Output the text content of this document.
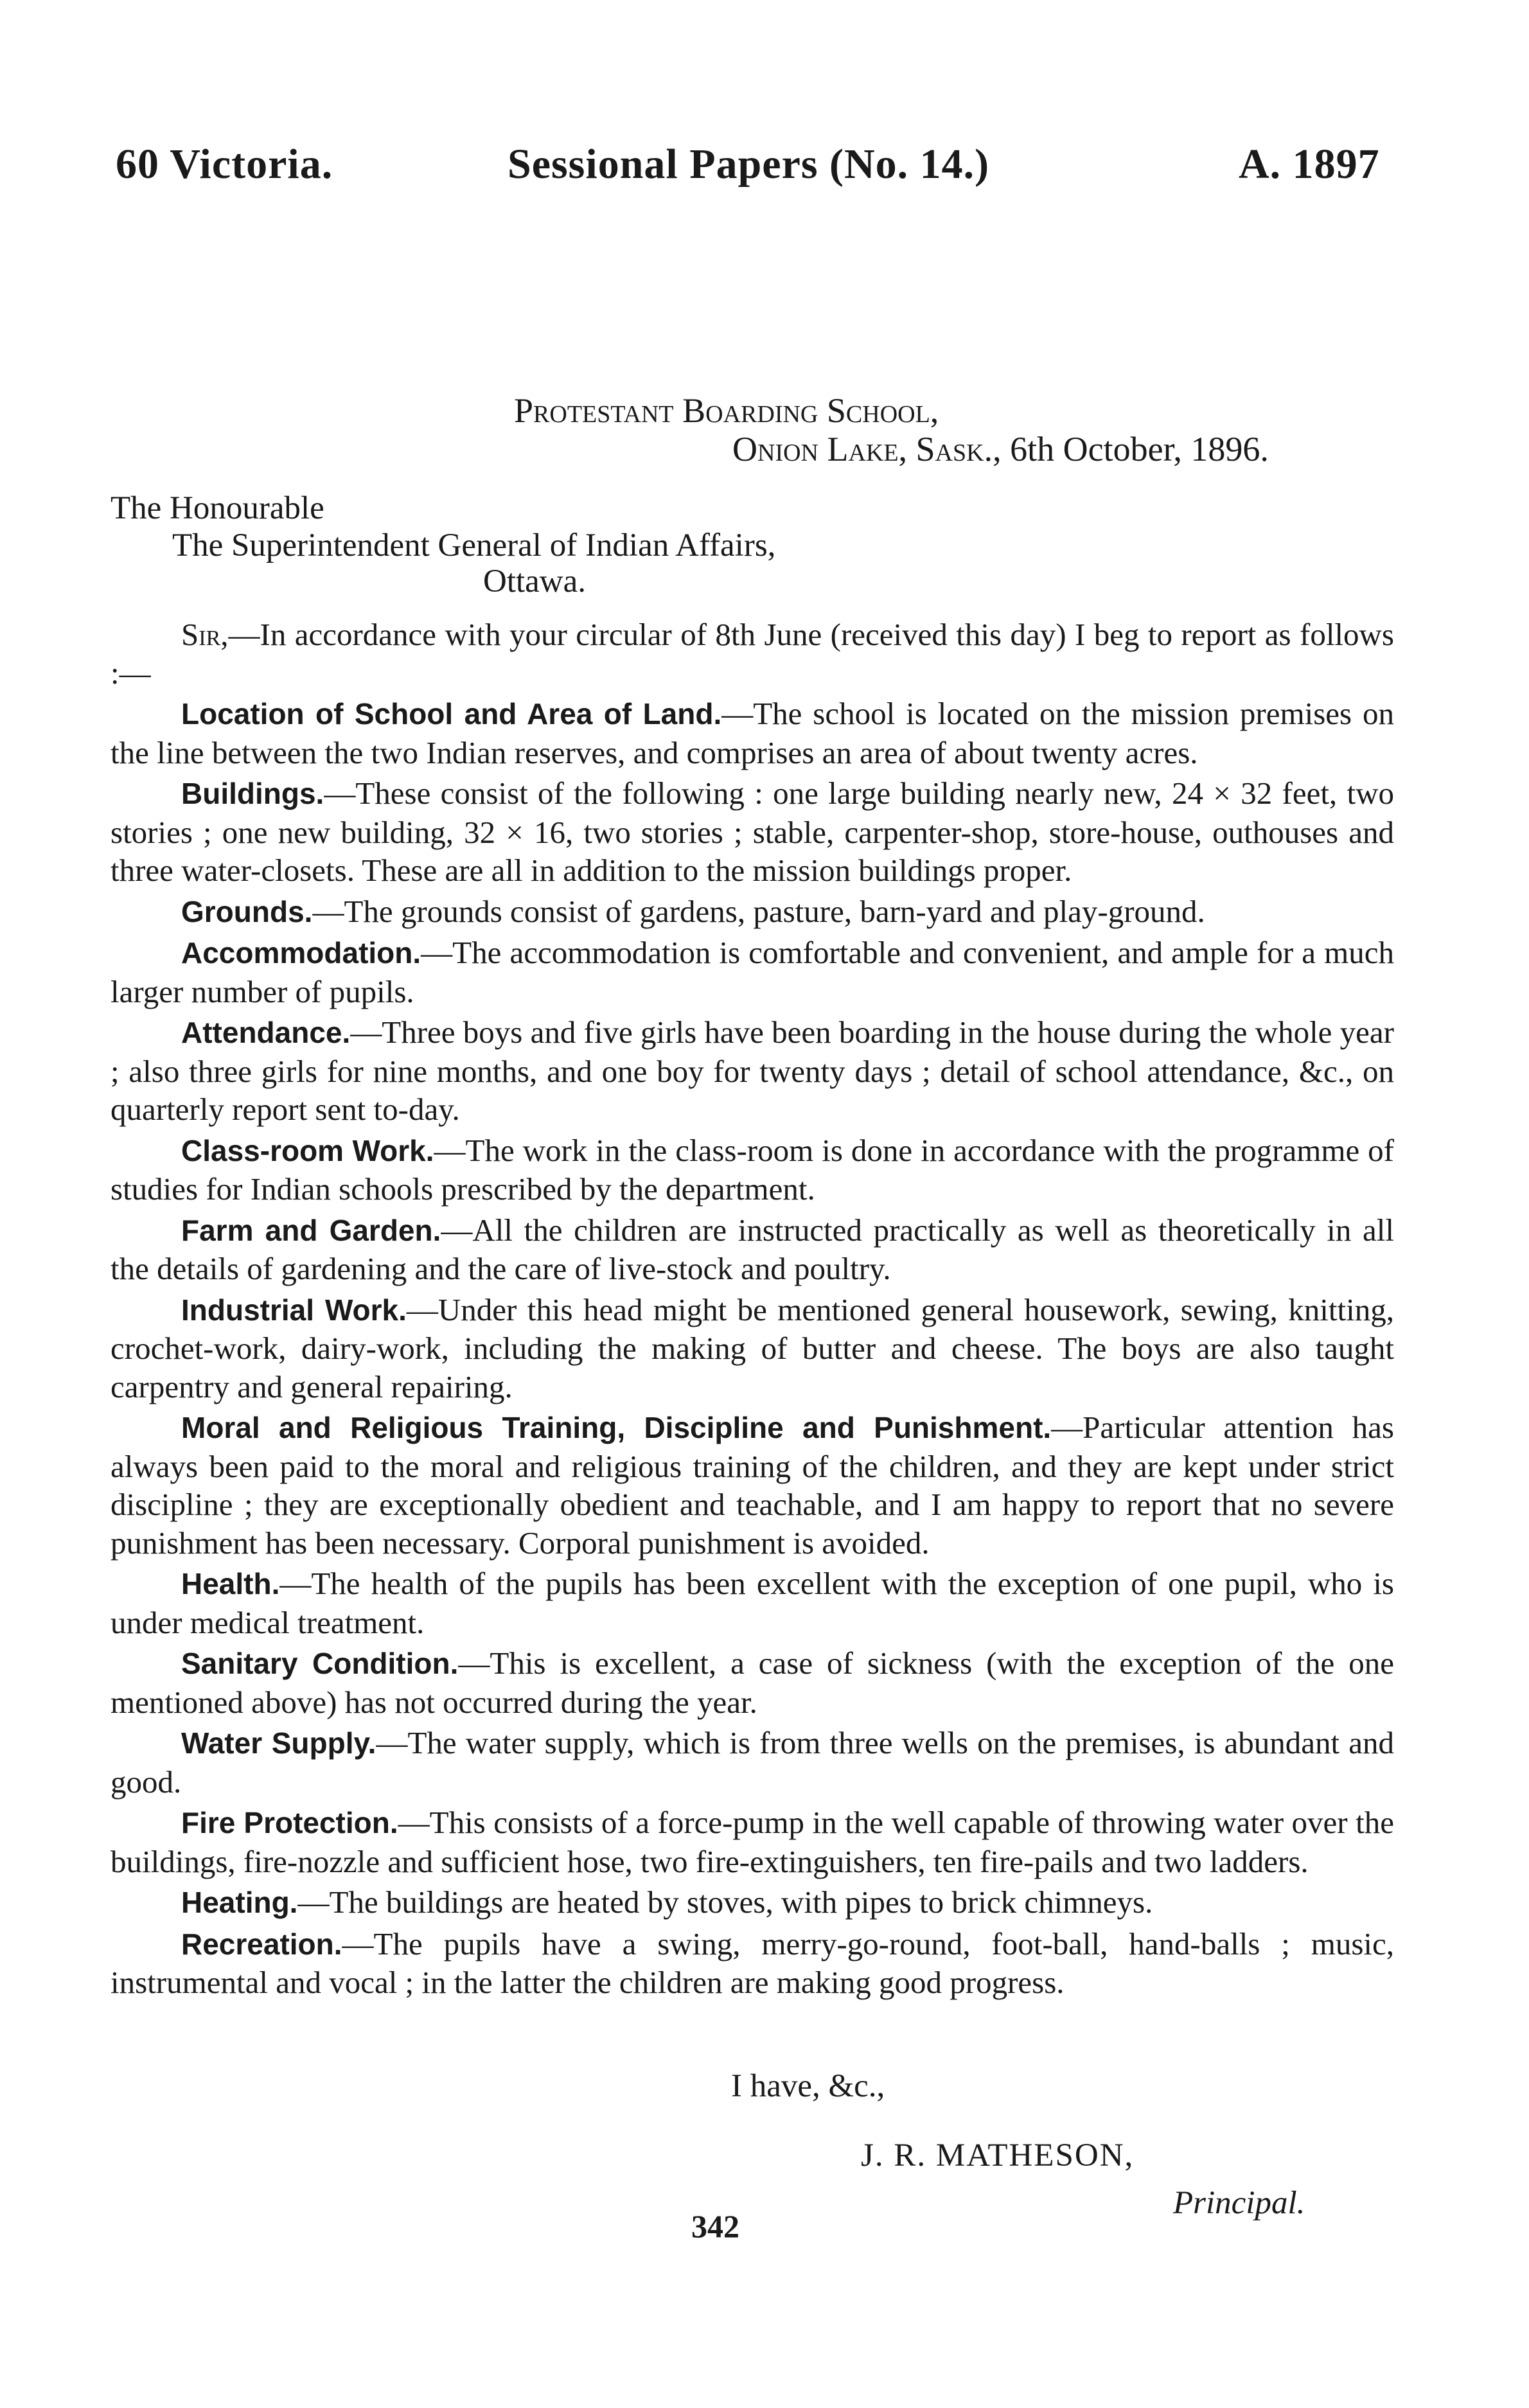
60 Victoria.	Sessional Papers (No. 14.)	A. 1897
Protestant Boarding School,
Onion Lake, Sask., 6th October, 1896.
The Honourable
The Superintendent General of Indian Affairs,
Ottawa.

Sir,—In accordance with your circular of 8th June (received this day) I beg to report as follows :—

Location of School and Area of Land.—The school is located on the mission premises on the line between the two Indian reserves, and comprises an area of about twenty acres.

Buildings.—These consist of the following : one large building nearly new, 24 × 32 feet, two stories ; one new building, 32 × 16, two stories ; stable, carpenter-shop, store-house, outhouses and three water-closets. These are all in addition to the mission buildings proper.

Grounds.—The grounds consist of gardens, pasture, barn-yard and play-ground.

Accommodation.—The accommodation is comfortable and convenient, and ample for a much larger number of pupils.

Attendance.—Three boys and five girls have been boarding in the house during the whole year ; also three girls for nine months, and one boy for twenty days ; detail of school attendance, &c., on quarterly report sent to-day.

Class-room Work.—The work in the class-room is done in accordance with the programme of studies for Indian schools prescribed by the department.

Farm and Garden.—All the children are instructed practically as well as theoretically in all the details of gardening and the care of live-stock and poultry.

Industrial Work.—Under this head might be mentioned general housework, sewing, knitting, crochet-work, dairy-work, including the making of butter and cheese. The boys are also taught carpentry and general repairing.

Moral and Religious Training, Discipline and Punishment.—Particular attention has always been paid to the moral and religious training of the children, and they are kept under strict discipline ; they are exceptionally obedient and teachable, and I am happy to report that no severe punishment has been necessary. Corporal punishment is avoided.

Health.—The health of the pupils has been excellent with the exception of one pupil, who is under medical treatment.

Sanitary Condition.—This is excellent, a case of sickness (with the exception of the one mentioned above) has not occurred during the year.

Water Supply.—The water supply, which is from three wells on the premises, is abundant and good.

Fire Protection.—This consists of a force-pump in the well capable of throwing water over the buildings, fire-nozzle and sufficient hose, two fire-extinguishers, ten fire-pails and two ladders.

Heating.—The buildings are heated by stoves, with pipes to brick chimneys.

Recreation.—The pupils have a swing, merry-go-round, foot-ball, hand-balls ; music, instrumental and vocal ; in the latter the children are making good progress.

I have, &c.,
J. R. MATHESON,
Principal.
342
